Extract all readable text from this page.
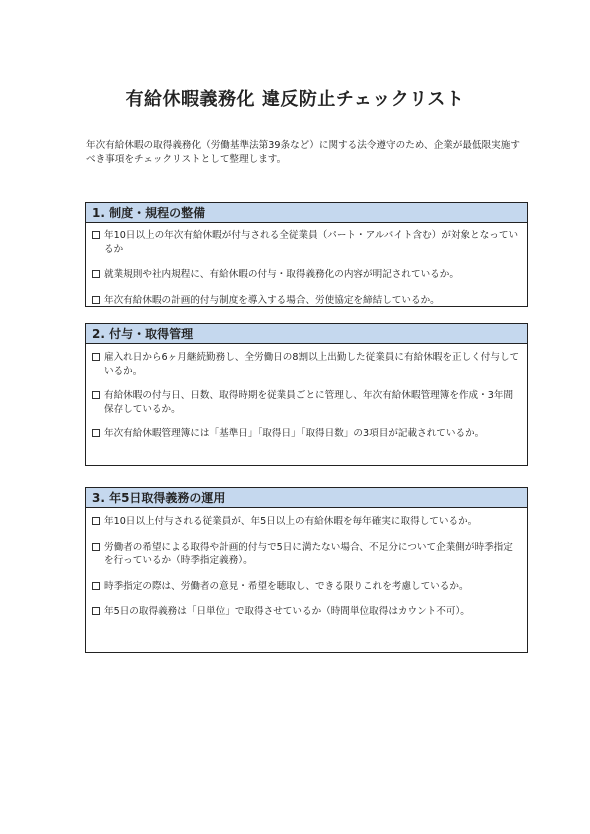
有給休暇義務化 違反防止チェックリスト
年次有給休暇の取得義務化（労働基準法第39条など）に関する法令遵守のため、企業が最低限実施すべき事項をチェックリストとして整理します。
1. 制度・規程の整備
年10日以上の年次有給休暇が付与される全従業員（パート・アルバイト含む）が対象となっているか
就業規則や社内規程に、有給休暇の付与・取得義務化の内容が明記されているか。
年次有給休暇の計画的付与制度を導入する場合、労使協定を締結しているか。
2. 付与・取得管理
雇入れ日から6ヶ月継続勤務し、全労働日の8割以上出勤した従業員に有給休暇を正しく付与しているか。
有給休暇の付与日、日数、取得時期を従業員ごとに管理し、年次有給休暇管理簿を作成・3年間保存しているか。
年次有給休暇管理簿には「基準日」「取得日」「取得日数」の3項目が記載されているか。
3. 年5日取得義務の運用
年10日以上付与される従業員が、年5日以上の有給休暇を毎年確実に取得しているか。
労働者の希望による取得や計画的付与で5日に満たない場合、不足分について企業側が時季指定を行っているか（時季指定義務）。
時季指定の際は、労働者の意見・希望を聴取し、できる限りこれを考慮しているか。
年5日の取得義務は「日単位」で取得させているか（時間単位取得はカウント不可）。
